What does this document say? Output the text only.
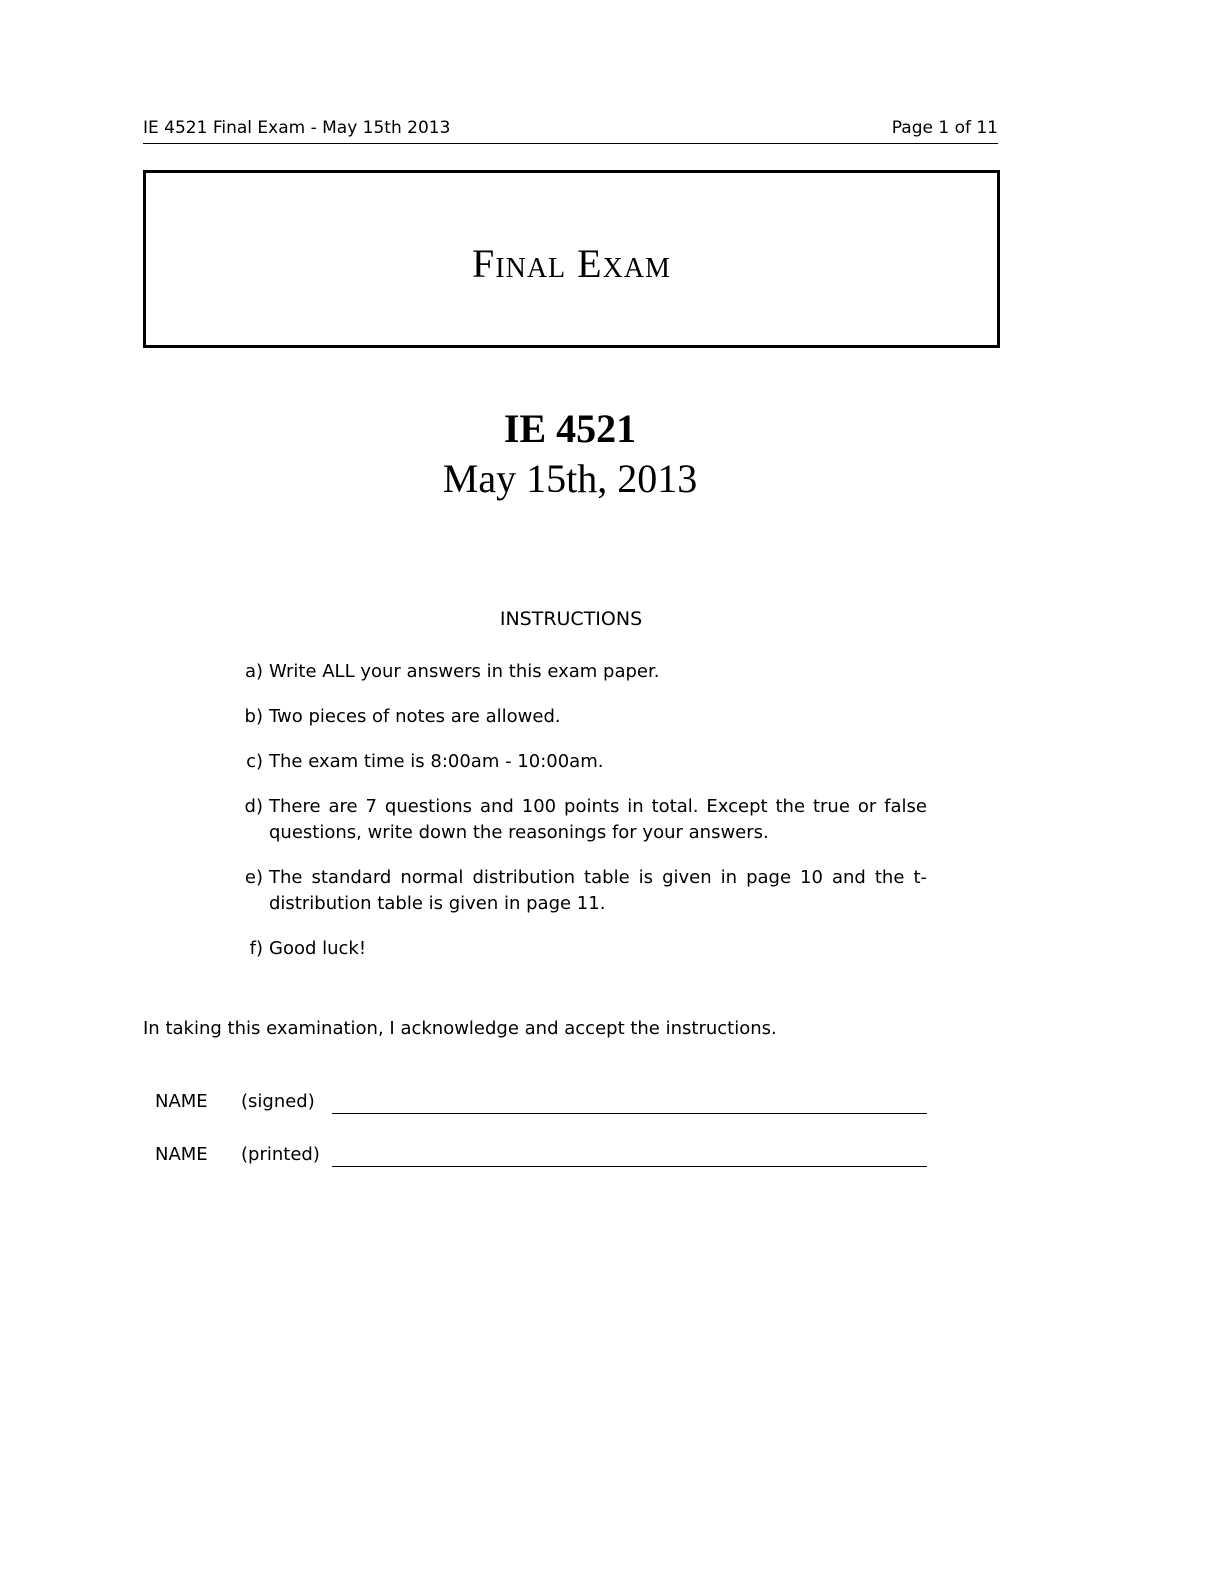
IE 4521 Final Exam - May 15th 2013	Page 1 of 11
Final Exam
IE 4521
May 15th, 2013
INSTRUCTIONS
a) Write ALL your answers in this exam paper.
b) Two pieces of notes are allowed.
c) The exam time is 8:00am - 10:00am.
d) There are 7 questions and 100 points in total. Except the true or false questions, write down the reasonings for your answers.
e) The standard normal distribution table is given in page 10 and the t-distribution table is given in page 11.
f) Good luck!
In taking this examination, I acknowledge and accept the instructions.
NAME (signed)
NAME (printed)
